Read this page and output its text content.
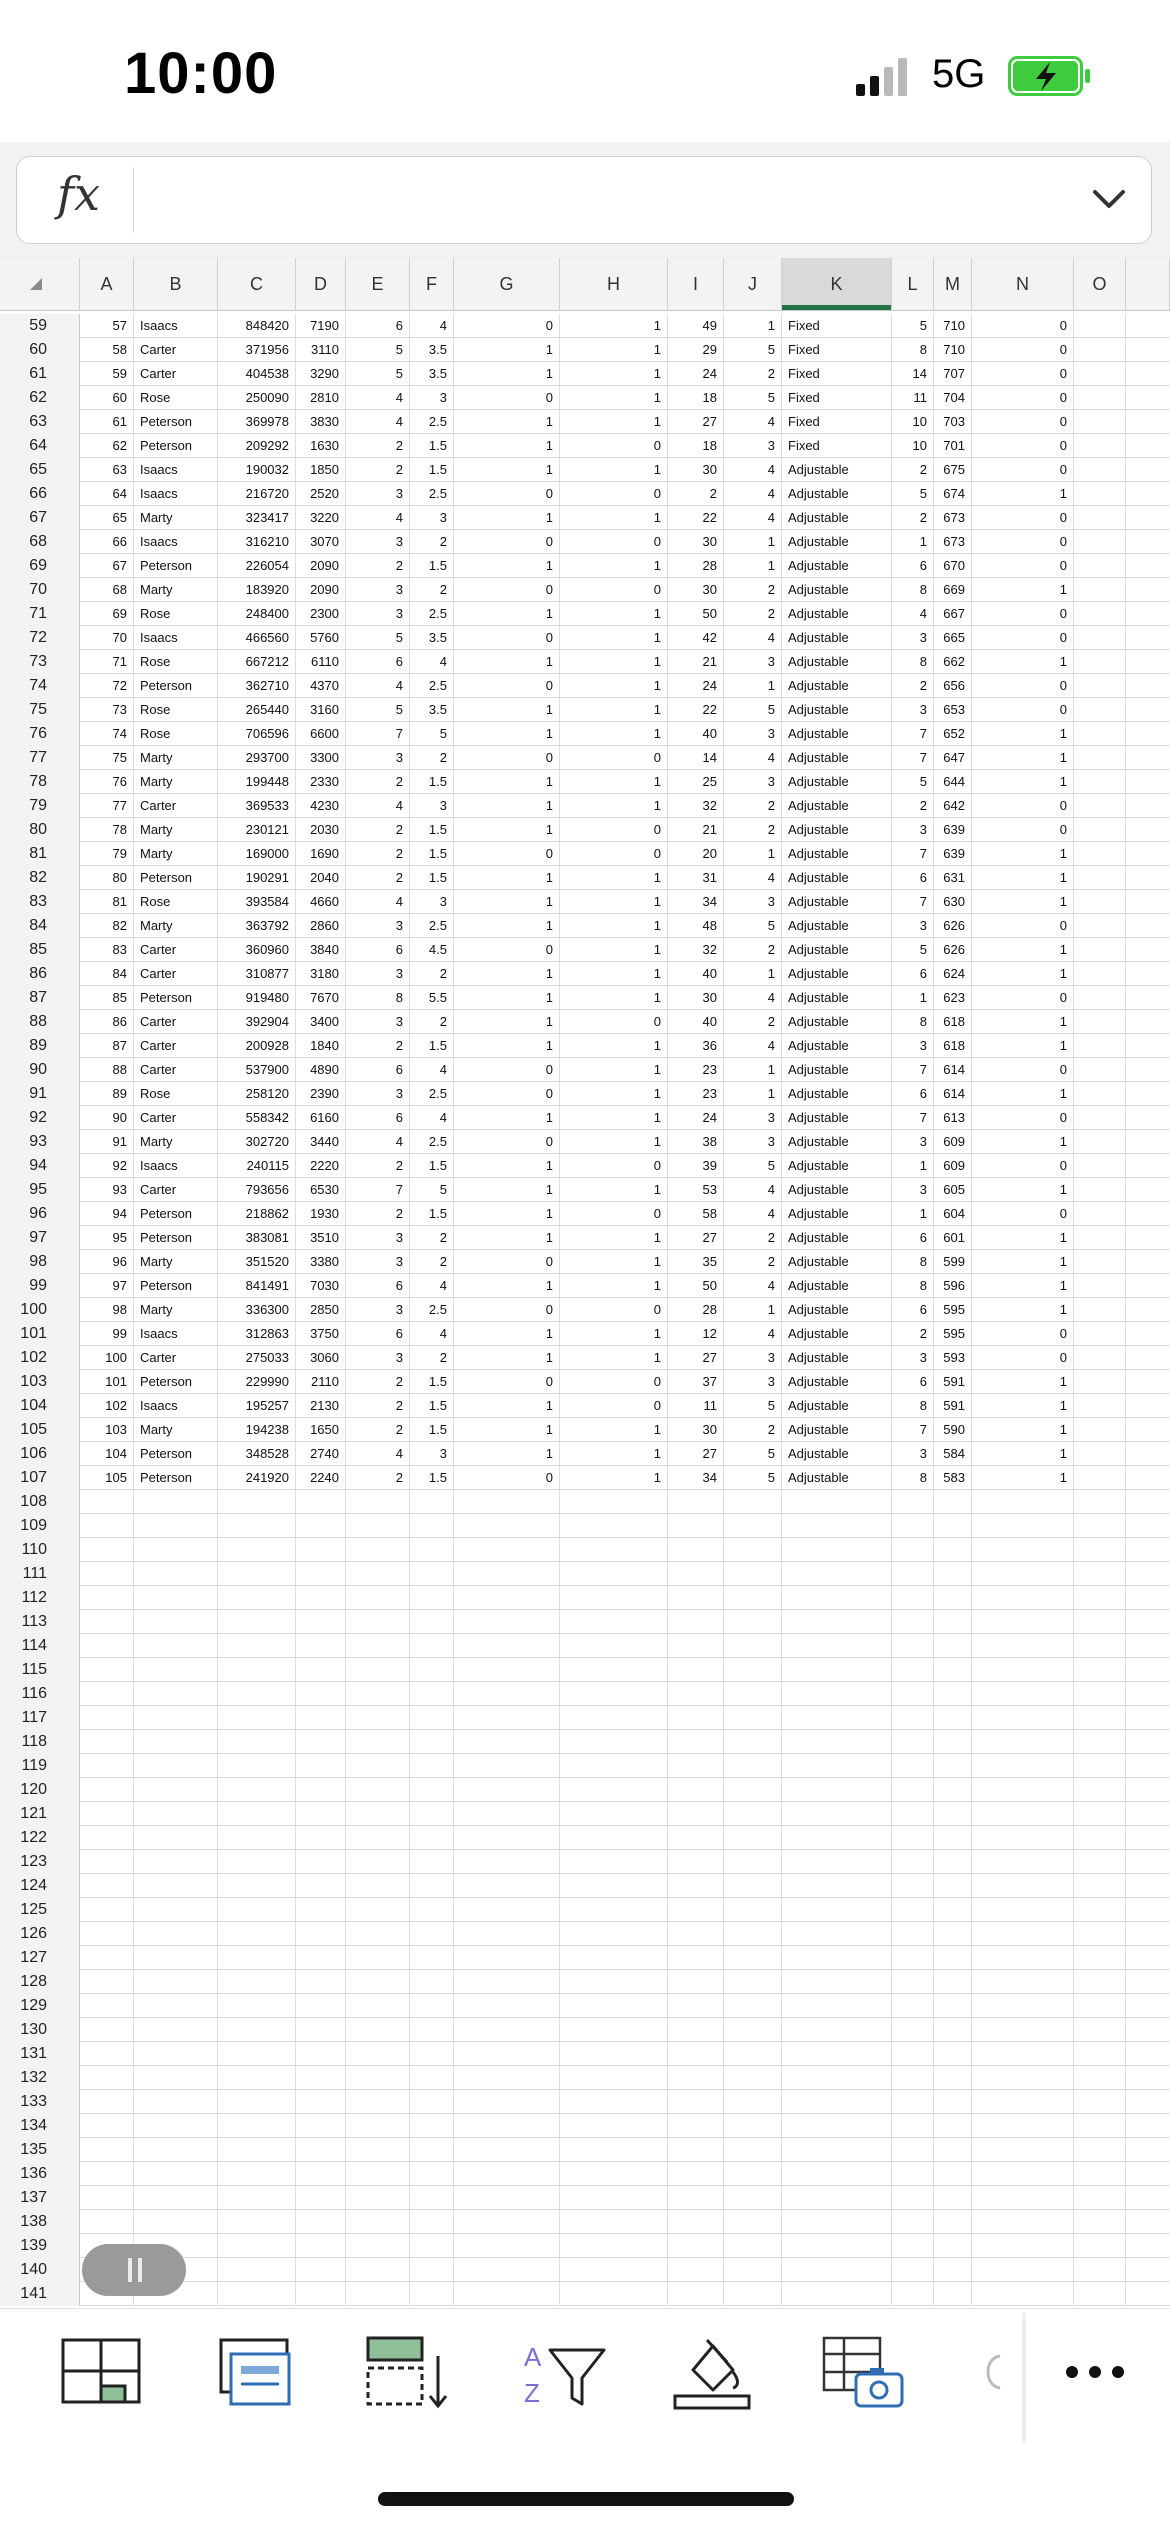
10:00	5G
fx
A	B	C	D	E	F	G	H	I	J	K	L	M	N	O
59	57	Isaacs	848420	7190	6	4	0	1	49	1	Fixed	5	710	0
60	58	Carter	371956	3110	5	3.5	1	1	29	5	Fixed	8	710	0
61	59	Carter	404538	3290	5	3.5	1	1	24	2	Fixed	14	707	0
62	60	Rose	250090	2810	4	3	0	1	18	5	Fixed	11	704	0
63	61	Peterson	369978	3830	4	2.5	1	1	27	4	Fixed	10	703	0
64	62	Peterson	209292	1630	2	1.5	1	0	18	3	Fixed	10	701	0
65	63	Isaacs	190032	1850	2	1.5	1	1	30	4	Adjustable	2	675	0
66	64	Isaacs	216720	2520	3	2.5	0	0	2	4	Adjustable	5	674	1
67	65	Marty	323417	3220	4	3	1	1	22	4	Adjustable	2	673	0
68	66	Isaacs	316210	3070	3	2	0	0	30	1	Adjustable	1	673	0
69	67	Peterson	226054	2090	2	1.5	1	1	28	1	Adjustable	6	670	0
70	68	Marty	183920	2090	3	2	0	0	30	2	Adjustable	8	669	1
71	69	Rose	248400	2300	3	2.5	1	1	50	2	Adjustable	4	667	0
72	70	Isaacs	466560	5760	5	3.5	0	1	42	4	Adjustable	3	665	0
73	71	Rose	667212	6110	6	4	1	1	21	3	Adjustable	8	662	1
74	72	Peterson	362710	4370	4	2.5	0	1	24	1	Adjustable	2	656	0
75	73	Rose	265440	3160	5	3.5	1	1	22	5	Adjustable	3	653	0
76	74	Rose	706596	6600	7	5	1	1	40	3	Adjustable	7	652	1
77	75	Marty	293700	3300	3	2	0	0	14	4	Adjustable	7	647	1
78	76	Marty	199448	2330	2	1.5	1	1	25	3	Adjustable	5	644	1
79	77	Carter	369533	4230	4	3	1	1	32	2	Adjustable	2	642	0
80	78	Marty	230121	2030	2	1.5	1	0	21	2	Adjustable	3	639	0
81	79	Marty	169000	1690	2	1.5	0	0	20	1	Adjustable	7	639	1
82	80	Peterson	190291	2040	2	1.5	1	1	31	4	Adjustable	6	631	1
83	81	Rose	393584	4660	4	3	1	1	34	3	Adjustable	7	630	1
84	82	Marty	363792	2860	3	2.5	1	1	48	5	Adjustable	3	626	0
85	83	Carter	360960	3840	6	4.5	0	1	32	2	Adjustable	5	626	1
86	84	Carter	310877	3180	3	2	1	1	40	1	Adjustable	6	624	1
87	85	Peterson	919480	7670	8	5.5	1	1	30	4	Adjustable	1	623	0
88	86	Carter	392904	3400	3	2	1	0	40	2	Adjustable	8	618	1
89	87	Carter	200928	1840	2	1.5	1	1	36	4	Adjustable	3	618	1
90	88	Carter	537900	4890	6	4	0	1	23	1	Adjustable	7	614	0
91	89	Rose	258120	2390	3	2.5	0	1	23	1	Adjustable	6	614	1
92	90	Carter	558342	6160	6	4	1	1	24	3	Adjustable	7	613	0
93	91	Marty	302720	3440	4	2.5	0	1	38	3	Adjustable	3	609	1
94	92	Isaacs	240115	2220	2	1.5	1	0	39	5	Adjustable	1	609	0
95	93	Carter	793656	6530	7	5	1	1	53	4	Adjustable	3	605	1
96	94	Peterson	218862	1930	2	1.5	1	0	58	4	Adjustable	1	604	0
97	95	Peterson	383081	3510	3	2	1	1	27	2	Adjustable	6	601	1
98	96	Marty	351520	3380	3	2	0	1	35	2	Adjustable	8	599	1
99	97	Peterson	841491	7030	6	4	1	1	50	4	Adjustable	8	596	1
100	98	Marty	336300	2850	3	2.5	0	0	28	1	Adjustable	6	595	1
101	99	Isaacs	312863	3750	6	4	1	1	12	4	Adjustable	2	595	0
102	100	Carter	275033	3060	3	2	1	1	27	3	Adjustable	3	593	0
103	101	Peterson	229990	2110	2	1.5	0	0	37	3	Adjustable	6	591	1
104	102	Isaacs	195257	2130	2	1.5	1	0	11	5	Adjustable	8	591	1
105	103	Marty	194238	1650	2	1.5	1	1	30	2	Adjustable	7	590	1
106	104	Peterson	348528	2740	4	3	1	1	27	5	Adjustable	3	584	1
107	105	Peterson	241920	2240	2	1.5	0	1	34	5	Adjustable	8	583	1
108
109
110
111
112
113
114
115
116
117
118
119
120
121
122
123
124
125
126
127
128
129
130
131
132
133
134
135
136
137
138
139
140
141
A
Z
